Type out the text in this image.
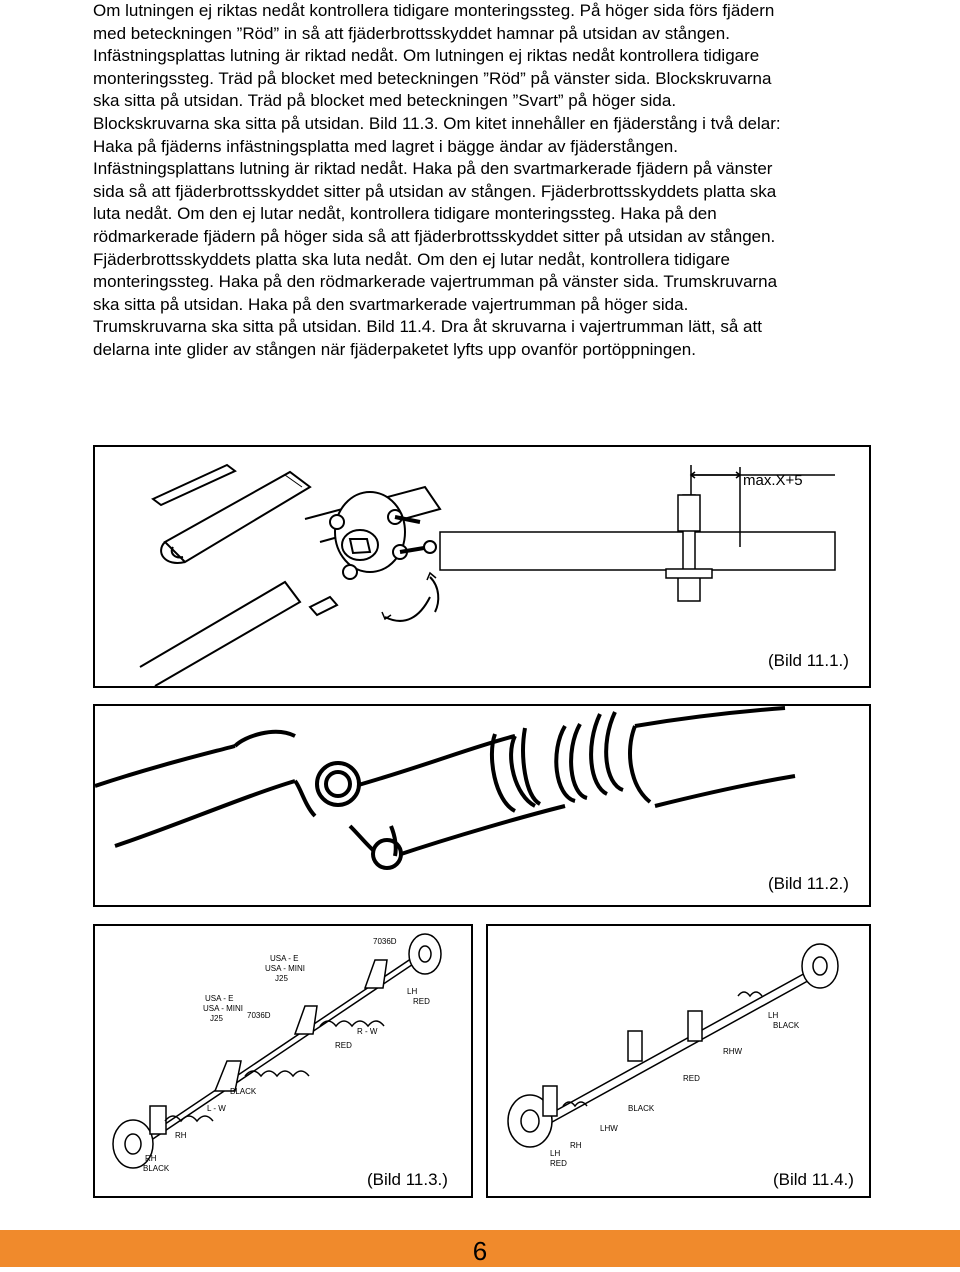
Om lutningen ej riktas nedåt kontrollera tidigare monteringssteg. På höger sida förs fjädern
med beteckningen ”Röd” in så att fjäderbrottsskyddet hamnar på utsidan av stången.
Infästningsplattas lutning är riktad nedåt. Om lutningen ej riktas nedåt kontrollera tidigare
monteringssteg. Träd på blocket med beteckningen ”Röd” på vänster sida. Blockskruvarna
ska sitta på utsidan. Träd på blocket med beteckningen ”Svart” på höger sida.
Blockskruvarna ska sitta på utsidan. Bild 11.3. Om kitet innehåller en fjäderstång i två delar:
Haka på fjäderns infästningsplatta med lagret i bägge ändar av fjäderstången.
Infästningsplattans lutning är riktad nedåt. Haka på den svartmarkerade fjädern på vänster
sida så att fjäderbrottsskyddet sitter på utsidan av stången. Fjäderbrottsskyddets platta ska
luta nedåt. Om den ej lutar nedåt, kontrollera tidigare monteringssteg. Haka på den
rödmarkerade fjädern på höger sida så att fjäderbrottsskyddet sitter på utsidan av stången.
Fjäderbrottsskyddets platta ska luta nedåt. Om den ej lutar nedåt, kontrollera tidigare
monteringssteg. Haka på den rödmarkerade vajertrumman på vänster sida. Trumskruvarna
ska sitta på utsidan. Haka på den svartmarkerade vajertrumman på höger sida.
Trumskruvarna ska sitta på utsidan. Bild 11.4. Dra åt skruvarna i vajertrumman lätt, så att
delarna inte glider av stången när fjäderpaketet lyfts upp ovanför portöppningen.
max.X+5
(Bild 11.1.)
(Bild 11.2.)
7036D
USA - E
USA - MINI
J25
USA - E
USA - MINI
J25	7036D
LH
RED
RED
R - W
BLACK
L - W
RH
RH
BLACK
(Bild 11.3.)
LH
BLACK
RHW
RED
BLACK
LHW
RH
LH
RED
(Bild 11.4.)
6
